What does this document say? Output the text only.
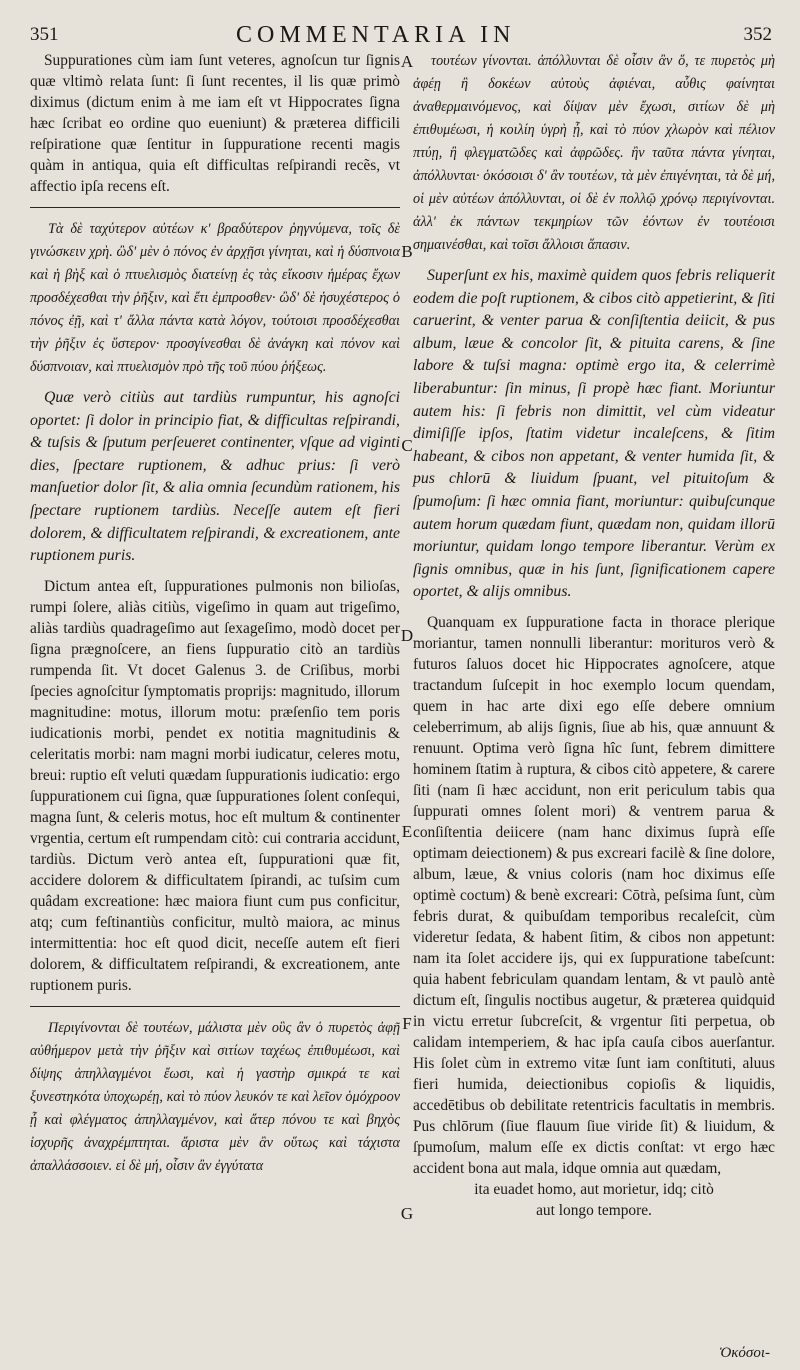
351	COMMENTARIA IN	352

Suppurationes cùm iam ſunt veteres, agnoſcun tur ſignis quæ vltimò relata ſunt: ſi ſunt recentes, il lis quæ primò diximus (dictum enim à me iam eſt vt Hippocrates ſigna hæc ſcribat eo ordine quo eueniunt) & præterea difficili reſpiratione quæ ſentitur in ſuppuratione recenti magis quàm in antiqua, quia eſt difficultas reſpirandi recẽs, vt affectio ipſa recens eſt.

Τὰ δὲ ταχύτερον αὐτέων κ' βραδύτερον ῥηγνύμενα, τοῖς δὲ γινώσκειν χρὴ. ὢδ' μὲν ὁ πόνος ἐν ἀρχῇσι γίνηται, καὶ ἡ δύσπνοια καὶ ἡ βὴξ καὶ ὁ πτυελισμὸς διατείνῃ ἐς τὰς εἴκοσιν ἡμέρας ἔχων προσδέχεσθαι τὴν ῥῆξιν, καὶ ἔτι ἐμπροσθεν· ὢδ' δὲ ἡσυχέστερος ὁ πόνος ἐῇ, καὶ τ' ἄλλα πάντα κατὰ λόγον, τούτοισι προσδέχεσθαι τὴν ῥῆξιν ἐς ὕστερον· προσγίνεσθαι δὲ ἀνάγκη καὶ πόνον καὶ δύσπνοιαν, καὶ πτυελισμὸν πρὸ τῆς τοῦ πύου ῥήξεως.

Quæ verò citiùs aut tardiùs rumpuntur, his agnoſci oportet: ſi dolor in principio fiat, & difficultas reſpirandi, & tuſsis & ſputum perſeueret continenter, vſque ad viginti dies, ſpectare ruptionem, & adhuc prius: ſi verò manſuetior dolor ſit, & alia omnia ſecundùm rationem, his ſpectare ruptionem tardiùs. Neceſſe autem eſt fieri dolorem, & difficultatem reſpirandi, & excreationem, ante ruptionem puris.

Dictum antea eſt, ſuppurationes pulmonis non bilioſas, rumpi ſolere, aliàs citiùs, vigeſimo in quam aut trigeſimo, aliàs tardiùs quadrageſimo aut ſexageſimo, modò docet per ſigna prægnoſcere, an fiens ſuppuratio citò an tardiùs rumpenda ſit. Vt docet Galenus 3. de Criſibus, morbi ſpecies agnoſcitur ſymptomatis proprijs: magnitudo, illorum magnitudine: motus, illorum motu: præſenſio tem poris iudicationis morbi, pendet ex notitia magnitudinis & celeritatis morbi: nam magni morbi iudicatur, celeres motu, breui: ruptio eſt veluti quædam ſuppurationis iudicatio: ergo ſuppurationem cui ſigna, quæ ſuppurationes ſolent conſequi, magna ſunt, & celeris motus, hoc eſt multum & continenter vrgentia, certum eſt rumpendam citò: cui contraria accidunt, tardiùs. Dictum verò antea eſt, ſuppurationi quæ fit, accidere dolorem & difficultatem ſpirandi, ac tuſsim cum quâdam excreatione: hæc maiora fiunt cum pus conficitur, atq; cum feſtinantiùs conficitur, multò maiora, ac minus intermittentia: hoc eſt quod dicit, neceſſe autem eſt fieri dolorem, & difficultatem reſpirandi, & excreationem, ante ruptionem puris.

Περιγίνονται δὲ τουτέων, μάλιστα μὲν οὓς ἂν ὁ πυρετὸς ἀφῇ αὐθήμερον μετὰ τὴν ῥῆξιν καὶ σιτίων ταχέως ἐπιθυμέωσι, καὶ δίψης ἀπηλλαγμένοι ἔωσι, καὶ ἡ γαστὴρ σμικρά τε καὶ ξυνεστηκότα ὑποχωρέῃ, καὶ τὸ πύον λευκόν τε καὶ λεῖον ὁμόχροον ᾖ καὶ φλέγματος ἀπηλλαγμένον, καὶ ἄτερ πόνου τε καὶ βηχὸς ἰσχυρῆς ἀναχρέμπτηται. ἄριστα μὲν ἂν οὕτως καὶ τάχιστα ἀπαλλάσσοιεν. εἰ δὲ μή, οἷσιν ἂν ἐγγύτατα

A
B
C
D
E
F
G

τουτέων γίνονται. ἀπόλλυνται δὲ οἷσιν ἂν ὅ, τε πυρετὸς μὴ ἀφέῃ ἢ δοκέων αὐτοὺς ἀφιέναι, αὖθις φαίνηται ἀναθερμαινόμενος, καὶ δίψαν μὲν ἔχωσι, σιτίων δὲ μὴ ἐπιθυμέωσι, ἡ κοιλίη ὑγρὴ ᾖ, καὶ τὸ πύον χλωρὸν καὶ πέλιον πτύῃ, ἢ φλεγματῶδες καὶ ἀφρῶδες. ἢν ταῦτα πάντα γίνηται, ἀπόλλυνται· ὁκόσοισι δ' ἂν τουτέων, τὰ μὲν ἐπιγένηται, τὰ δὲ μή, οἱ μὲν αὐτέων ἀπόλλυνται, οἱ δὲ ἐν πολλῷ χρόνῳ περιγίνονται. ἀλλ' ἐκ πάντων τεκμηρίων τῶν ἐόντων ἐν τουτέοισι σημαινέσθαι, καὶ τοῖσι ἄλλοισι ἅπασιν.

Superſunt ex his, maximè quidem quos febris reliquerit eodem die poſt ruptionem, & cibos citò appetierint, & ſiti caruerint, & venter parua & conſiſtentia deiicit, & pus album, læue & concolor ſit, & pituita carens, & ſine labore & tuſsi magna: optimè ergo ita, & celerrimè liberabuntur: ſin minus, ſi propè hæc fiant. Moriuntur autem his: ſi febris non dimittit, vel cùm videatur dimiſiſſe ipſos, ſtatim videtur incaleſcens, & ſitim habeant, & cibos non appetant, & venter humida ſit, & pus chlorū & liuidum ſpuant, vel pituitoſum & ſpumoſum: ſi hæc omnia fiant, moriuntur: quibuſcunque autem horum quædam fiunt, quædam non, quidam illorū moriuntur, quidam longo tempore liberantur. Verùm ex ſignis omnibus, quæ in his ſunt, ſignificationem capere oportet, & alijs omnibus.

Quanquam ex ſuppuratione facta in thorace plerique moriantur, tamen nonnulli liberantur: morituros verò & futuros ſaluos docet hic Hippocrates agnoſcere, atque tractandum ſuſcepit in hoc exemplo locum quendam, quem in hac arte dixi ego eſſe debere omnium celeberrimum, ab alijs ſignis, ſiue ab his, quæ annuunt & renuunt. Optima verò ſigna hîc ſunt, febrem dimittere hominem ſtatim à ruptura, & cibos citò appetere, & carere ſiti (nam ſi hæc accidunt, non erit periculum tabis qua ſuppurati omnes ſolent mori) & ventrem parua & conſiſtentia deiicere (nam hanc diximus ſuprà eſſe optimam deiectionem) & pus excreari facilè & ſine dolore, album, læue, & vnius coloris (nam hoc diximus eſſe optimè coctum) & benè excreari: Cōtrà, peſsima ſunt, cùm febris durat, & quibuſdam temporibus recaleſcit, cùm videretur ſedata, & habent ſitim, & cibos non appetunt: nam ita ſolet accidere ijs, qui ex ſuppuratione tabeſcunt: quia habent febriculam quandam lentam, & vt paulò antè dictum eſt, ſingulis noctibus augetur, & præterea quidquid in victu erretur ſubcreſcit, & vrgentur ſiti perpetua, ob calidam intemperiem, & hac ipſa cauſa cibos auerſantur. His ſolet cùm in extremo vitæ ſunt iam conſtituti, aluus fieri humida, deiectionibus copioſis & liquidis, accedētibus ob debilitate retentricis facultatis in membris. Pus chlōrum (ſiue flauum ſiue viride ſit) & liuidum, & ſpumoſum, malum eſſe ex dictis conſtat: vt ergo hæc accident bona aut mala, idque omnia aut quædam,

ita euadet homo, aut morietur, idq; citò

aut longo tempore.

Ὁκόσοι-
